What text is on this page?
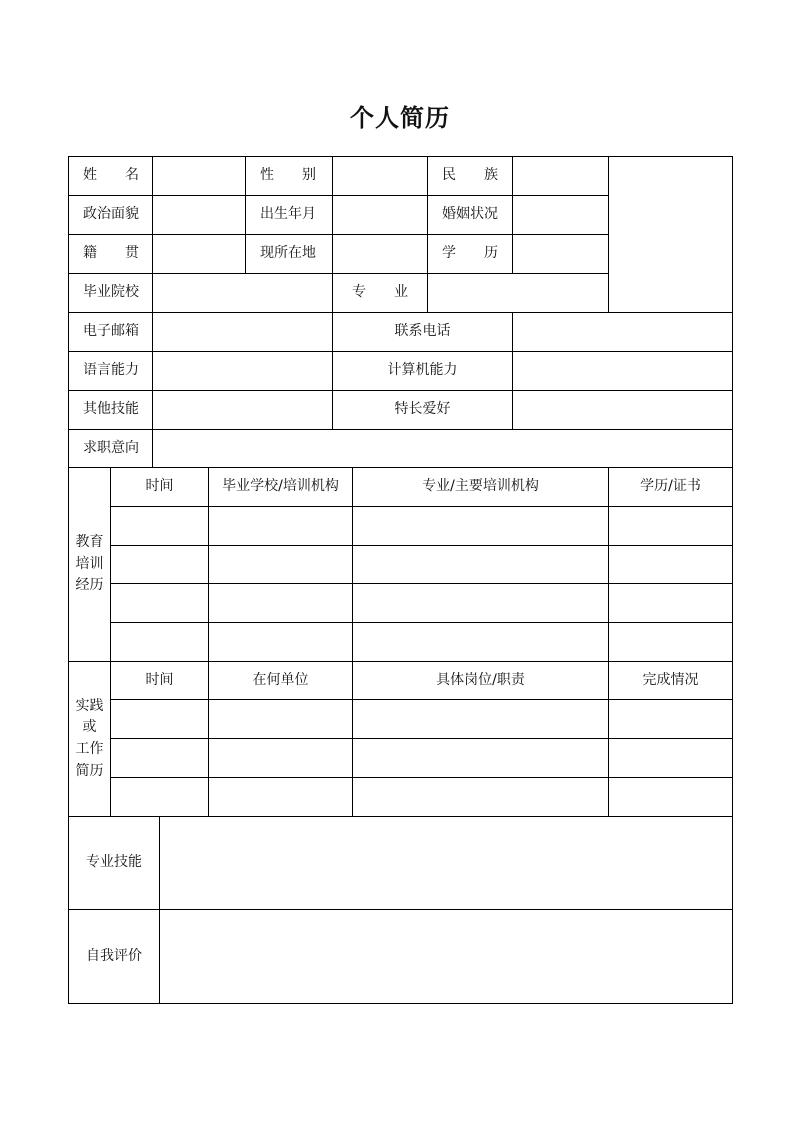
个人简历
姓　　名	性　　别	民　　族
政治面貌	出生年月	婚姻状况
籍　　贯	现所在地	学　　历
毕业院校	专　　业
电子邮箱	联系电话
语言能力	计算机能力
其他技能	特长爱好
求职意向
教育
培训
经历
时间	毕业学校/培训机构	专业/主要培训机构	学历/证书
实践
或
工作
简历
时间	在何单位	具体岗位/职责	完成情况
专业技能
自我评价
